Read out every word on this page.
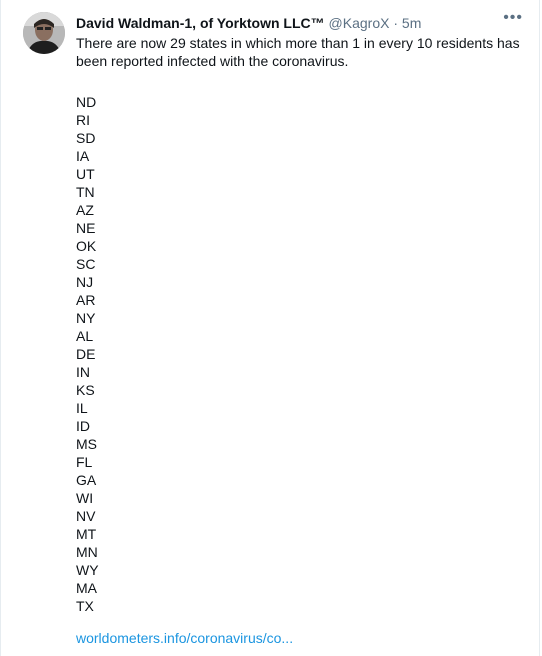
David Waldman-1, of Yorktown LLC™ @KagroX · 5m	•••
There are now 29 states in which more than 1 in every 10 residents has been reported infected with the coronavirus.
ND
RI
SD
IA
UT
TN
AZ
NE
OK
SC
NJ
AR
NY
AL
DE
IN
KS
IL
ID
MS
FL
GA
WI
NV
MT
MN
WY
MA
TX
worldometers.info/coronavirus/co...
